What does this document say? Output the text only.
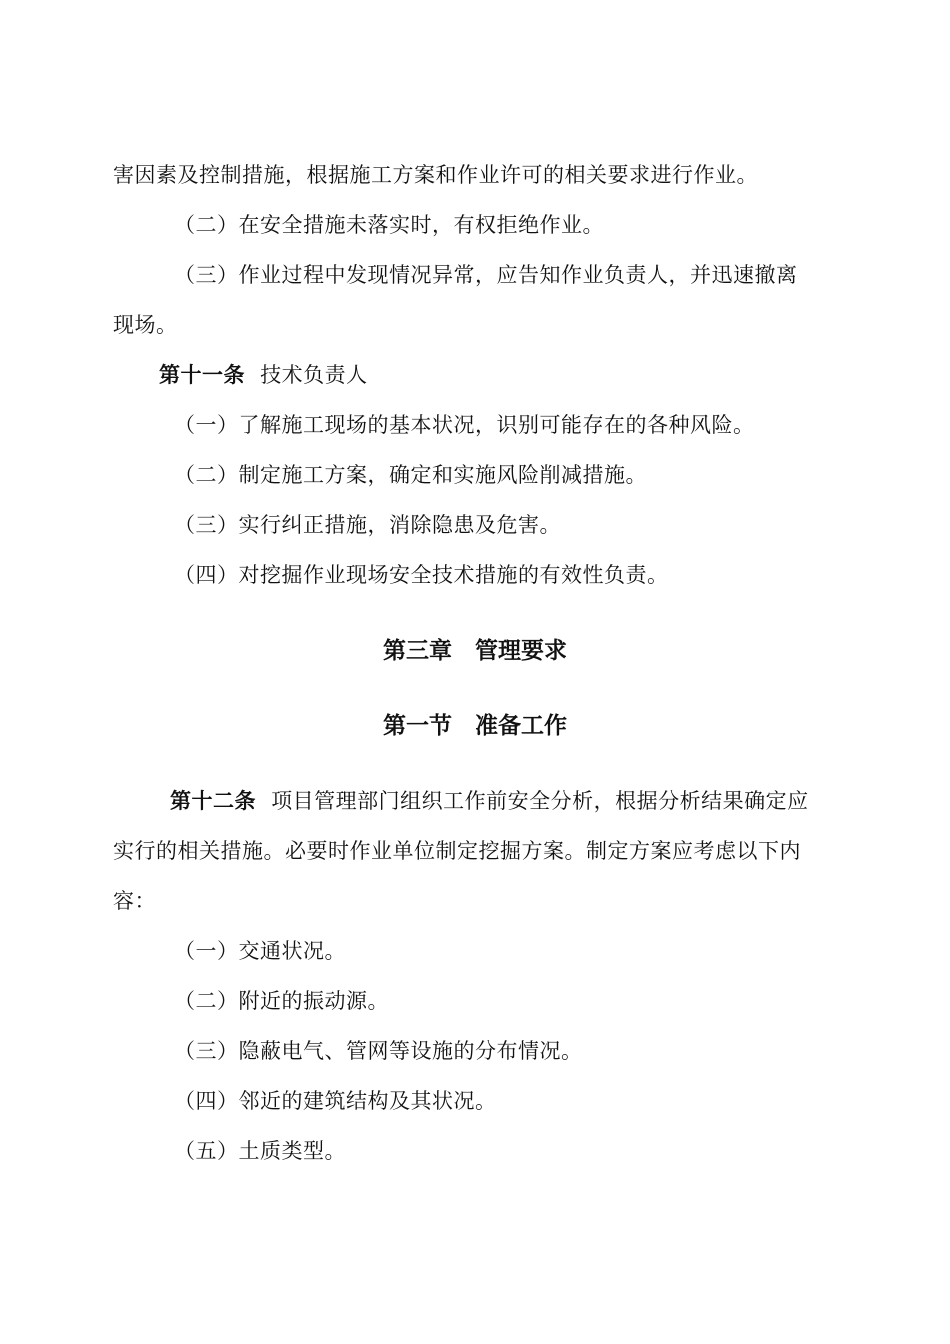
害因素及控制措施，根据施工方案和作业许可的相关要求进行作业。
（二）在安全措施未落实时，有权拒绝作业。
（三）作业过程中发现情况异常，应告知作业负责人，并迅速撤离
现场。
第十一条 技术负责人
（一）了解施工现场的基本状况，识别可能存在的各种风险。
（二）制定施工方案，确定和实施风险削减措施。
（三）实行纠正措施，消除隐患及危害。
（四）对挖掘作业现场安全技术措施的有效性负责。
第三章　管理要求
第一节　准备工作
第十二条 项目管理部门组织工作前安全分析，根据分析结果确定应
实行的相关措施。必要时作业单位制定挖掘方案。制定方案应考虑以下内
容：
（一）交通状况。
（二）附近的振动源。
（三）隐蔽电气、管网等设施的分布情况。
（四）邻近的建筑结构及其状况。
（五）土质类型。
